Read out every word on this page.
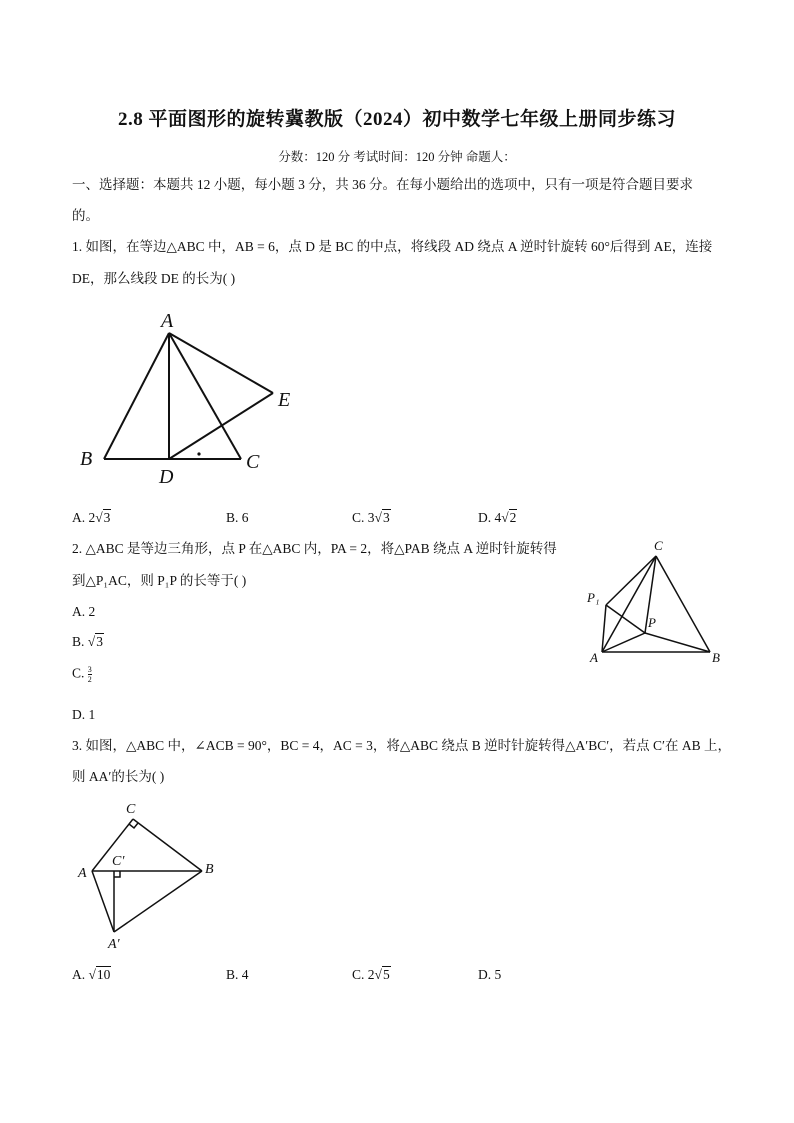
2.8 平面图形的旋转冀教版（2024）初中数学七年级上册同步练习
分数：120 分 考试时间：120 分钟 命题人：
一、选择题：本题共 12 小题，每小题 3 分，共 36 分。在每小题给出的选项中，只有一项是符合题目要求
的。
1. 如图，在等边△ABC 中，AB = 6，点 D 是 BC 的中点，将线段 AD 绕点 A 逆时针旋转 60°后得到 AE，连接
DE，那么线段 DE 的长为( )
A
B	C
D
E
A. 2√3	B. 6	C. 3√3	D. 4√2
2. △ABC 是等边三角形，点 P 在△ABC 内，PA = 2，将△PAB 绕点 A 逆时针旋转得
到△P₁AC，则 P₁P 的长等于( )
A	B
C
P
P₁
A. 2
B. √3
C. $\frac{3}{2}$
D. 1
3. 如图，△ABC 中，∠ACB = 90°，BC = 4，AC = 3，将△ABC 绕点 B 逆时针旋转得△A′BC′，若点 C′在 AB 上，
则 AA′的长为( )
A	B
C
C′
A′
A. √10	B. 4	C. 2√5	D. 5
